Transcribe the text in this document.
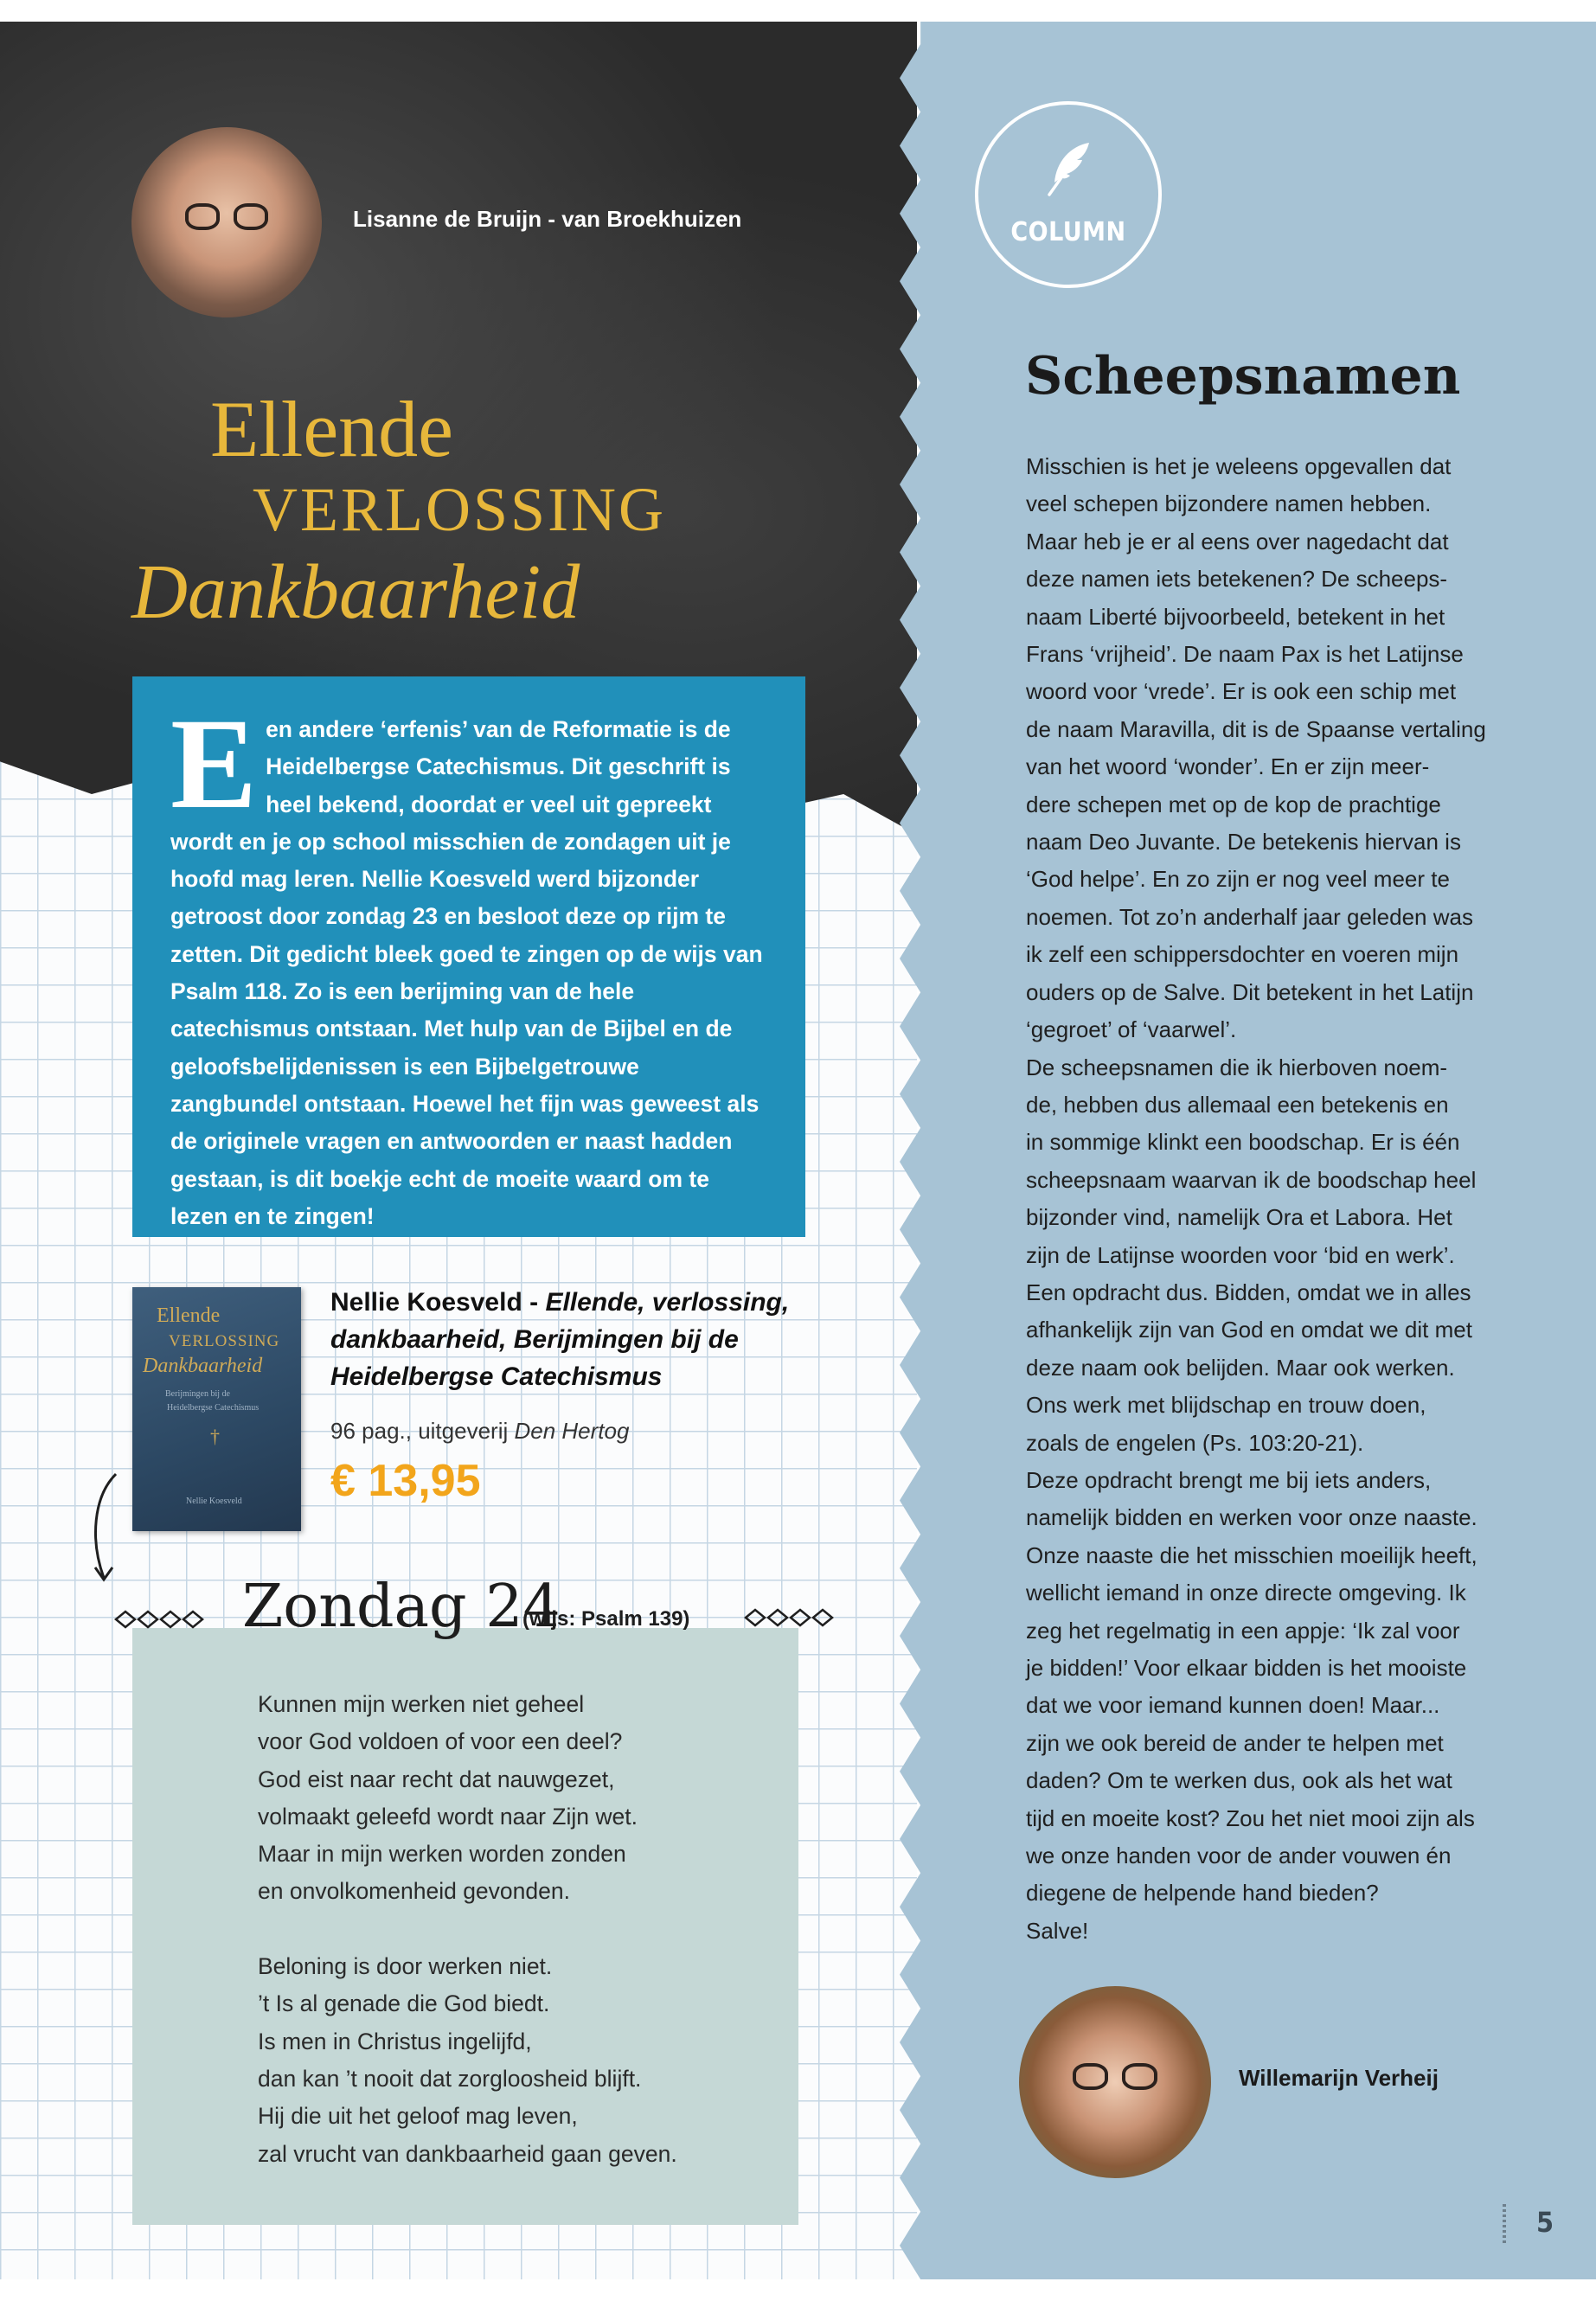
Lisanne de Bruijn - van Broekhuizen
Ellende
VERLOSSING
Dankbaarheid
E en andere ‘erfenis’ van de Reformatie is de Heidelbergse Catechismus. Dit geschrift is heel bekend, doordat er veel uit gepreekt wordt en je op school misschien de zondagen uit je hoofd mag leren. Nellie Koesveld werd bijzonder getroost door zondag 23 en besloot deze op rijm te zetten. Dit gedicht bleek goed te zingen op de wijs van Psalm 118. Zo is een berijming van de hele catechismus ontstaan. Met hulp van de Bijbel en de geloofsbelijdenissen is een Bijbelgetrouwe zangbundel ontstaan. Hoewel het fijn was geweest als de originele vragen en antwoorden er naast hadden gestaan, is dit boekje echt de moeite waard om te lezen en te zingen!
Ellende
VERLOSSING
Dankbaarheid
Berijmingen bij de
Heidelbergse Catechismus
†
Nellie Koesveld
Nellie Koesveld - Ellende, verlossing, dankbaarheid, Berijmingen bij de Heidelbergse Catechismus
96 pag., uitgeverij Den Hertog
€ 13,95
Zondag 24
(wijs: Psalm 139)
Kunnen mijn werken niet geheel
voor God voldoen of voor een deel?
God eist naar recht dat nauwgezet,
volmaakt geleefd wordt naar Zijn wet.
Maar in mijn werken worden zonden
en onvolkomenheid gevonden.
Beloning is door werken niet.
’t Is al genade die God biedt.
Is men in Christus ingelijfd,
dan kan ’t nooit dat zorgloosheid blijft.
Hij die uit het geloof mag leven,
zal vrucht van dankbaarheid gaan geven.
COLUMN
Scheepsnamen
Misschien is het je weleens opgevallen dat
veel schepen bijzondere namen hebben.
Maar heb je er al eens over nagedacht dat
deze namen iets betekenen? De scheeps-
naam Liberté bijvoorbeeld, betekent in het
Frans ‘vrijheid’. De naam Pax is het Latijnse
woord voor ‘vrede’. Er is ook een schip met
de naam Maravilla, dit is de Spaanse vertaling
van het woord ‘wonder’. En er zijn meer-
dere schepen met op de kop de prachtige
naam Deo Juvante. De betekenis hiervan is
‘God helpe’. En zo zijn er nog veel meer te
noemen. Tot zo’n anderhalf jaar geleden was
ik zelf een schippersdochter en voeren mijn
ouders op de Salve. Dit betekent in het Latijn
‘gegroet’ of ‘vaarwel’.
De scheepsnamen die ik hierboven noem-
de, hebben dus allemaal een betekenis en
in sommige klinkt een boodschap. Er is één
scheepsnaam waarvan ik de boodschap heel
bijzonder vind, namelijk Ora et Labora. Het
zijn de Latijnse woorden voor ‘bid en werk’.
Een opdracht dus. Bidden, omdat we in alles
afhankelijk zijn van God en omdat we dit met
deze naam ook belijden. Maar ook werken.
Ons werk met blijdschap en trouw doen,
zoals de engelen (Ps. 103:20-21).
Deze opdracht brengt me bij iets anders,
namelijk bidden en werken voor onze naaste.
Onze naaste die het misschien moeilijk heeft,
wellicht iemand in onze directe omgeving. Ik
zeg het regelmatig in een appje: ‘Ik zal voor
je bidden!’ Voor elkaar bidden is het mooiste
dat we voor iemand kunnen doen! Maar...
zijn we ook bereid de ander te helpen met
daden? Om te werken dus, ook als het wat
tijd en moeite kost? Zou het niet mooi zijn als
we onze handen voor de ander vouwen én
diegene de helpende hand bieden?
Salve!
Willemarijn Verheij
5
